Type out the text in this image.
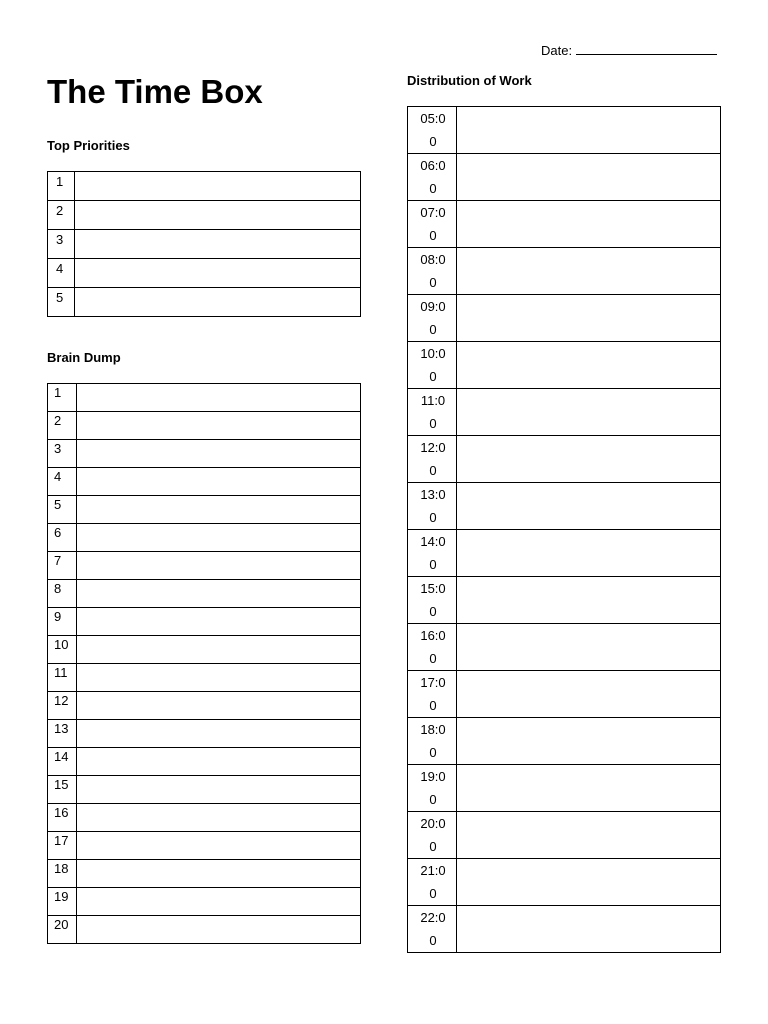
Date:
The Time Box
Top Priorities
1	
2	
3	
4	
5	
Brain Dump
1	
2	
3	
4	
5	
6	
7	
8	
9	
10	
11	
12	
13	
14	
15	
16	
17	
18	
19	
20	
Distribution of Work
05:00	

06:00	

07:00	

08:00	

09:00	

10:00	

11:00	

12:00	

13:00	

14:00	

15:00	

16:00	

17:00	

18:00	

19:00	

20:00	

21:00	

22:00	
